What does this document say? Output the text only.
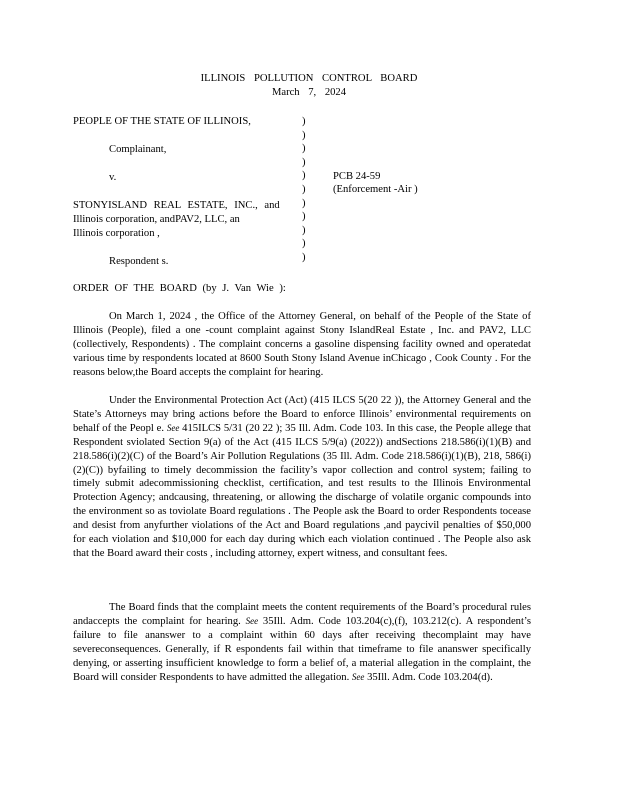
ILLINOIS POLLUTION CONTROL BOARD
March 7, 2024
PEOPLE OF THE STATE OF ILLINOIS,
Complainant,
v.
STONYISLAND REAL ESTATE, INC., and
Illinois corporation, andPAV2, LLC, an
Illinois corporation ,
Respondent s.
)
)
)
)
)
)
)
)
)
)
)
PCB 24-59
(Enforcement -Air )
ORDER OF THE BOARD (by J. Van Wie ):
On March 1, 2024 , the Office of the Attorney General, on behalf of the People of the State of Illinois (People), filed a one -count complaint against Stony IslandReal Estate , Inc. and PAV2, LLC (collectively, Respondents) . The complaint concerns a gasoline dispensing facility owned and operatedat various time by respondents located at 8600 South Stony Island Avenue inChicago , Cook County . For the reasons below,the Board accepts the complaint for hearing.
Under the Environmental Protection Act (Act) (415 ILCS 5(20 22 )), the Attorney General and the State’s Attorneys may bring actions before the Board to enforce Illinois’ environmental requirements on behalf of the Peopl e. See 415ILCS 5/31 (20 22 ); 35 Ill. Adm. Code 103. In this case, the People allege that Respondent sviolated Section 9(a) of the Act (415 ILCS 5/9(a) (2022)) andSections 218.586(i)(1)(B) and 218.586(i)(2)(C) of the Board’s Air Pollution Regulations (35 Ill. Adm. Code 218.586(i)(1)(B), 218, 586(i)(2)(C)) byfailing to timely decommission the facility’s vapor collection and control system; failing to timely submit adecommissioning checklist, certification, and test results to the Illinois Environmental Protection Agency; andcausing, threatening, or allowing the discharge of volatile organic compounds into the environment so as toviolate Board regulations . The People ask the Board to order Respondents tocease and desist from anyfurther violations of the Act and Board regulations ,and paycivil penalties of $50,000 for each violation and $10,000 for each day during which each violation continued . The People also ask that the Board award their costs , including attorney, expert witness, and consultant fees.
The Board finds that the complaint meets the content requirements of the Board’s procedural rules andaccepts the complaint for hearing. See 35Ill. Adm. Code 103.204(c),(f), 103.212(c). A respondent’s failure to file ananswer to a complaint within 60 days after receiving thecomplaint may have severeconsequences. Generally, if R espondents fail within that timeframe to file ananswer specifically denying, or asserting insufficient knowledge to form a belief of, a material allegation in the complaint, the Board will consider Respondents to have admitted the allegation. See 35Ill. Adm. Code 103.204(d).
